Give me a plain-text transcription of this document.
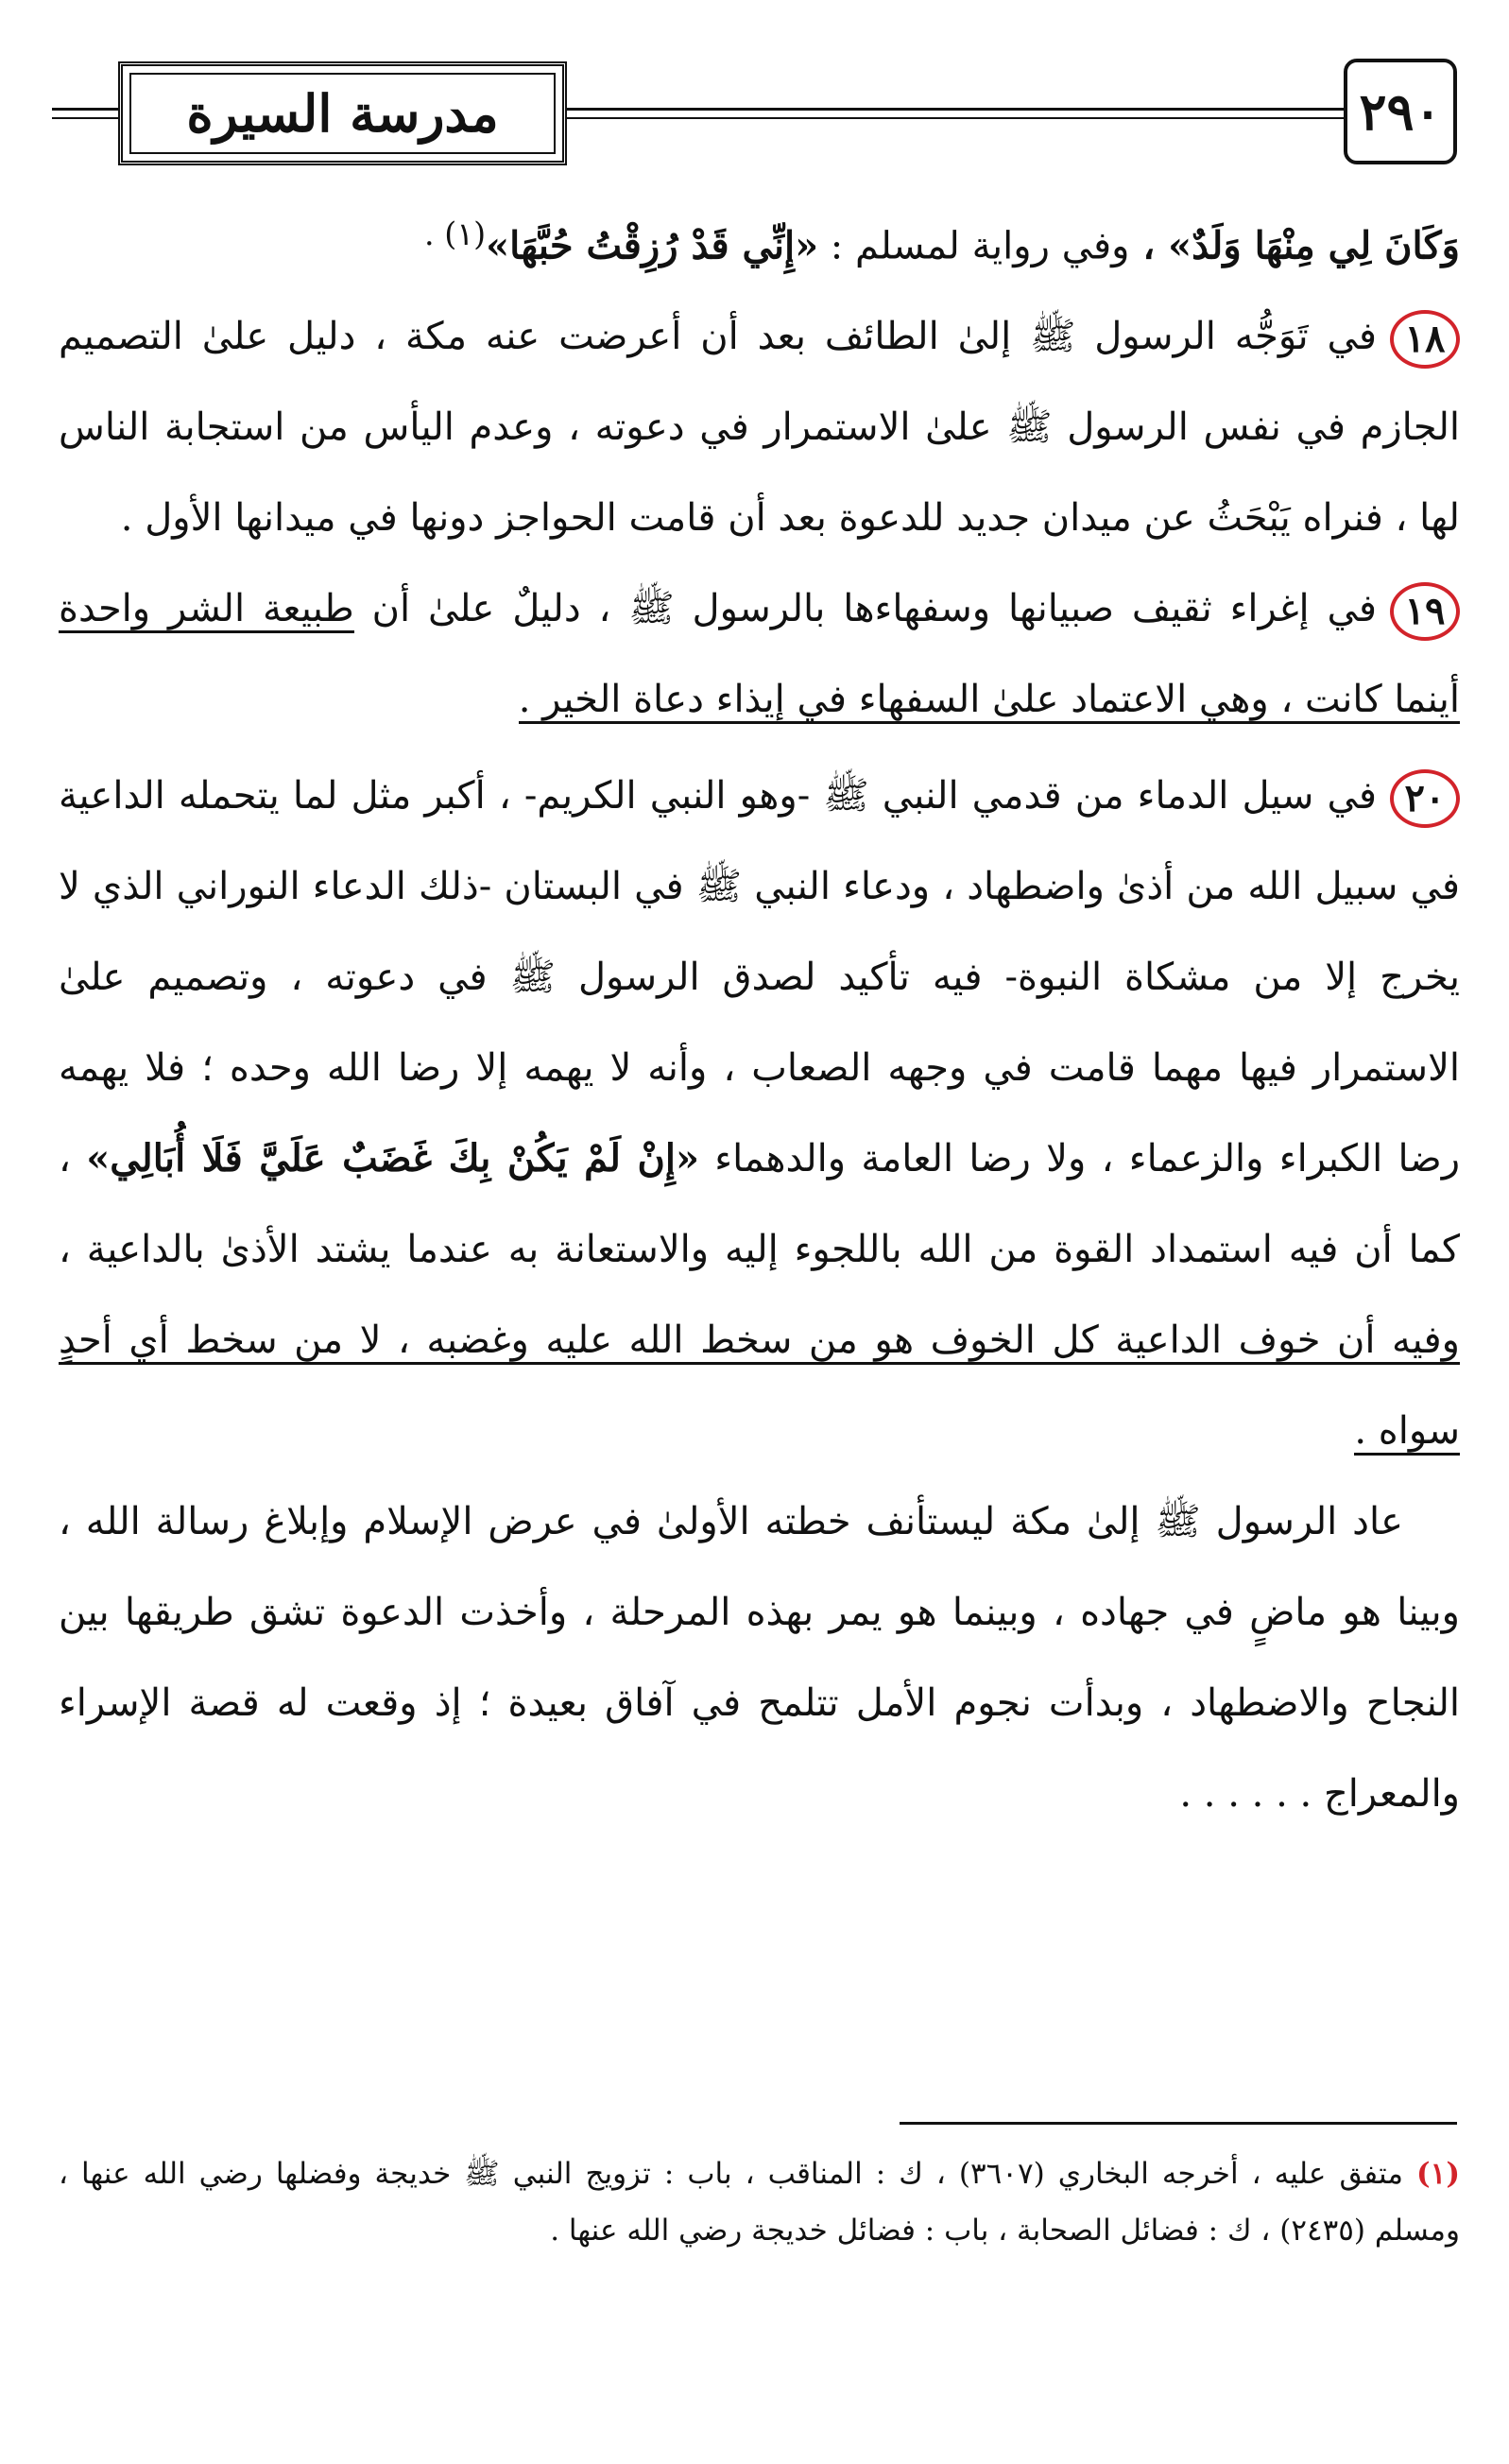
مدرسة السيرة	٢٩٠

وَكَانَ لِي مِنْهَا وَلَدٌ» ، وفي رواية لمسلم : «إِنِّي قَدْ رُزِقْتُ حُبَّهَا»$^{(١) .}$

١٨في تَوَجُّه الرسول ﷺ إلىٰ الطائف بعد أن أعرضت عنه مكة ، دليل علىٰ التصميم الجازم في نفس الرسول ﷺ علىٰ الاستمرار في دعوته ، وعدم اليأس من استجابة الناس لها ، فنراه يَبْحَثُ عن ميدان جديد للدعوة بعد أن قامت الحواجز دونها في ميدانها الأول .

١٩في إغراء ثقيف صبيانها وسفهاءها بالرسول ﷺ ، دليلٌ علىٰ أن طبيعة الشر واحدة أينما كانت ، وهي الاعتماد علىٰ السفهاء في إيذاء دعاة الخير .

٢٠في سيل الدماء من قدمي النبي ﷺ ‑وهو النبي الكريم‑ ، أكبر مثل لما يتحمله الداعية في سبيل الله من أذىٰ واضطهاد ، ودعاء النبي ﷺ في البستان ‑ذلك الدعاء النوراني الذي لا يخرج إلا من مشكاة النبوة‑ فيه تأكيد لصدق الرسول ﷺ في دعوته ، وتصميم علىٰ الاستمرار فيها مهما قامت في وجهه الصعاب ، وأنه لا يهمه إلا رضا الله وحده ؛ فلا يهمه رضا الكبراء والزعماء ، ولا رضا العامة والدهماء «إِنْ لَمْ يَكُنْ بِكَ غَضَبٌ عَلَيَّ فَلَا أُبَالِي» ، كما أن فيه استمداد القوة من الله باللجوء إليه والاستعانة به عندما يشتد الأذىٰ بالداعية ، وفيه أن خوف الداعية كل الخوف هو من سخط الله عليه وغضبه ، لا من سخط أي أحدٍ سواه .

عاد الرسول ﷺ إلىٰ مكة ليستأنف خطته الأولىٰ في عرض الإسلام وإبلاغ رسالة الله ، وبينا هو ماضٍ في جهاده ، وبينما هو يمر بهذه المرحلة ، وأخذت الدعوة تشق طريقها بين النجاح والاضطهاد ، وبدأت نجوم الأمل تتلمح في آفاق بعيدة ؛ إذ وقعت له قصة الإسراء والمعراج . . . . . .

(١) متفق عليه ، أخرجه البخاري (٣٦٠٧) ، ك : المناقب ، باب : تزويج النبي ﷺ خديجة وفضلها رضي الله عنها ، ومسلم (٢٤٣٥) ، ك : فضائل الصحابة ، باب : فضائل خديجة رضي الله عنها .
